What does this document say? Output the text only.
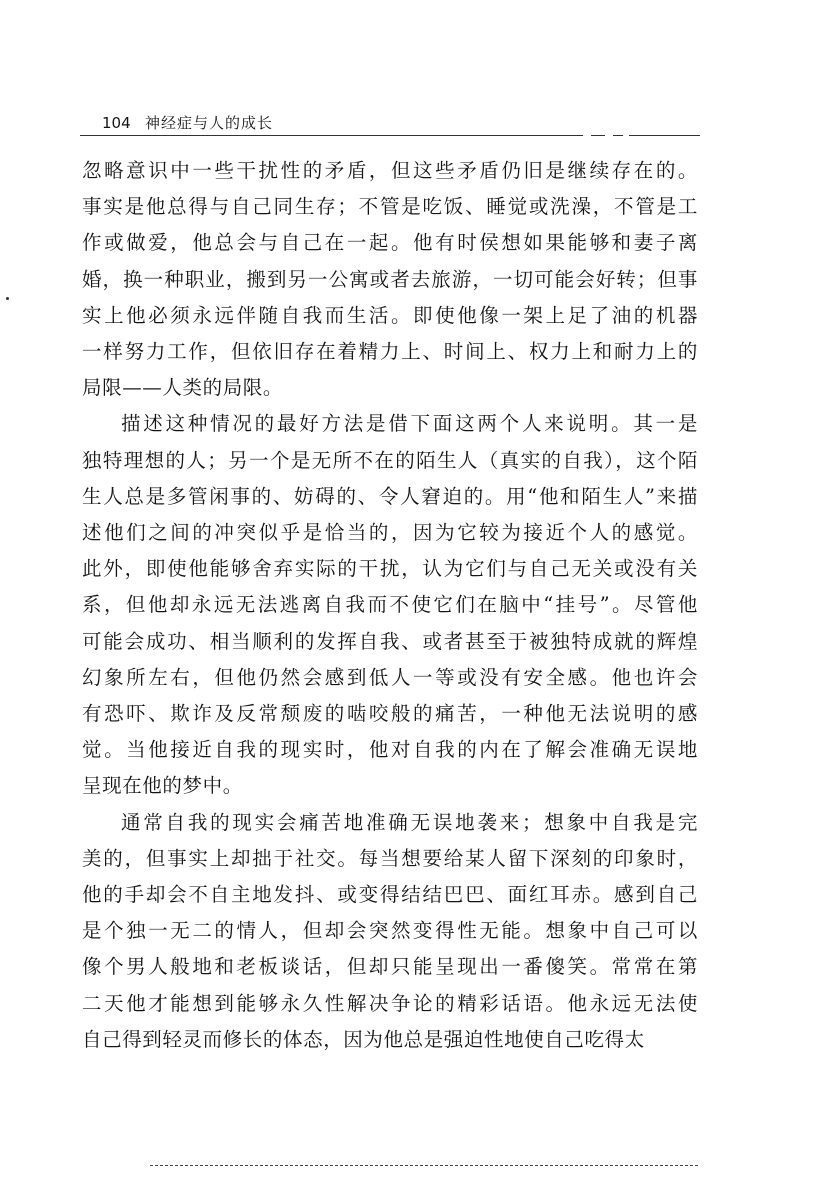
104 神经症与人的成长
忽略意识中一些干扰性的矛盾，但这些矛盾仍旧是继续存在的。
事实是他总得与自己同生存；不管是吃饭、睡觉或洗澡，不管是工
作或做爱，他总会与自己在一起。他有时侯想如果能够和妻子离
婚，换一种职业，搬到另一公寓或者去旅游，一切可能会好转；但事
实上他必须永远伴随自我而生活。即使他像一架上足了油的机器
一样努力工作，但依旧存在着精力上、时间上、权力上和耐力上的
局限——人类的局限。
描述这种情况的最好方法是借下面这两个人来说明。其一是
独特理想的人；另一个是无所不在的陌生人（真实的自我），这个陌
生人总是多管闲事的、妨碍的、令人窘迫的。用“他和陌生人”来描
述他们之间的冲突似乎是恰当的，因为它较为接近个人的感觉。
此外，即使他能够舍弃实际的干扰，认为它们与自己无关或没有关
系，但他却永远无法逃离自我而不使它们在脑中“挂号”。尽管他
可能会成功、相当顺利的发挥自我、或者甚至于被独特成就的辉煌
幻象所左右，但他仍然会感到低人一等或没有安全感。他也许会
有恐吓、欺诈及反常颓废的啮咬般的痛苦，一种他无法说明的感
觉。当他接近自我的现实时，他对自我的内在了解会准确无误地
呈现在他的梦中。
通常自我的现实会痛苦地准确无误地袭来；想象中自我是完
美的，但事实上却拙于社交。每当想要给某人留下深刻的印象时，
他的手却会不自主地发抖、或变得结结巴巴、面红耳赤。感到自己
是个独一无二的情人，但却会突然变得性无能。想象中自己可以
像个男人般地和老板谈话，但却只能呈现出一番傻笑。常常在第
二天他才能想到能够永久性解决争论的精彩话语。他永远无法使
自己得到轻灵而修长的体态，因为他总是强迫性地使自己吃得太
